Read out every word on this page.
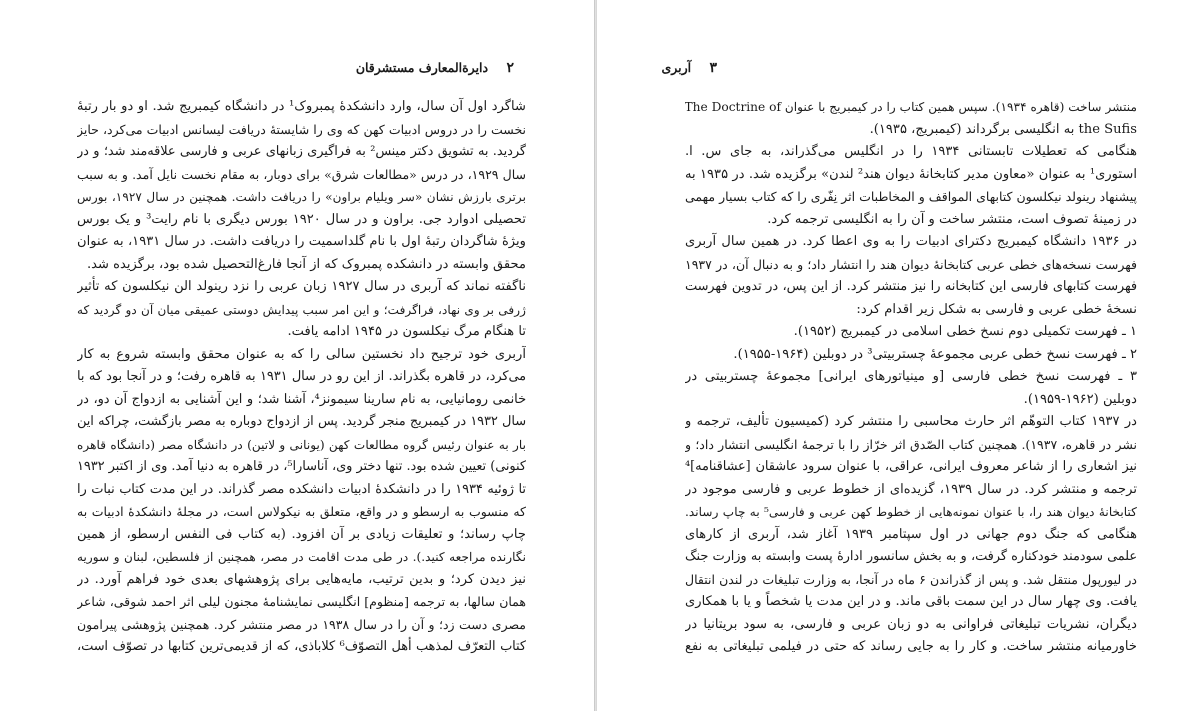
۲ دایرةالمعارف مستشرقان
شاگرد اول آن سال، وارد دانشکدهٔ پمبروک¹ در دانشگاه کیمبریج شد. او دو بار رتبهٔ
نخست را در دروس ادبیات کهن که وی را شایستهٔ دریافت لیسانس ادبیات می‌کرد، حایز
گردید. به تشویق دکتر مینس² به فراگیری زبانهای عربی و فارسی علاقه‌مند شد؛ و در
سال ۱۹۲۹، در درس «مطالعات شرق» برای دوبار، به مقام نخست نایل آمد. و به سبب
برتری بارزش نشان «سر ویلیام براون» را دریافت داشت. همچنین در سال ۱۹۲۷، بورس
تحصیلی ادوارد جی. براون و در سال ۱۹۲۰ بورس دیگری با نام رایت³ و یک بورس
ویژهٔ شاگردان رتبهٔ اول با نام گلداسمیت را دریافت داشت. در سال ۱۹۳۱، به عنوان
محقق وابسته در دانشکده پمبروک که از آنجا فارغ‌التحصیل شده بود، برگزیده شد.
ناگفته نماند که آربری در سال ۱۹۲۷ زبان عربی را نزد رینولد الن نیکلسون که تأثیر
ژرفی بر وی نهاد، فراگرفت؛ و این امر سبب پیدایش دوستی عمیقی میان آن دو گردید که
تا هنگام مرگ نیکلسون در ۱۹۴۵ ادامه یافت.
آربری خود ترجیح داد نخستین سالی را که به عنوان محقق وابسته شروع به کار
می‌کرد، در قاهره بگذراند. از این رو در سال ۱۹۳۱ به قاهره رفت؛ و در آنجا بود که با
خانمی رومانیایی، به نام سارینا سیمونز⁴، آشنا شد؛ و این آشنایی به ازدواج آن دو، در
سال ۱۹۳۲ در کیمبریج منجر گردید. پس از ازدواج دوباره به مصر بازگشت، چراکه این
بار به عنوان رئیس گروه مطالعات کهن (یونانی و لاتین) در دانشگاه مصر (دانشگاه قاهره
کنونی) تعیین شده بود. تنها دختر وی، آناسارا⁵، در قاهره به دنیا آمد. وی از اکتبر ۱۹۳۲
تا ژوئیه ۱۹۳۴ را در دانشکدهٔ ادبیات دانشکده مصر گذراند. در این مدت کتاب نبات را
که منسوب به ارسطو و در واقع، متعلق به نیکولاس است، در مجلهٔ دانشکدهٔ ادبیات به
چاپ رساند؛ و تعلیقات زیادی بر آن افزود. (به کتاب فی النفس ارسطو، از همین
نگارنده مراجعه کنید.). در طی مدت اقامت در مصر، همچنین از فلسطین، لبنان و سوریه
نیز دیدن کرد؛ و بدین ترتیب، مایه‌هایی برای پژوهشهای بعدی خود فراهم آورد. در
همان سالها، به ترجمه [منظوم] انگلیسی نمایشنامهٔ مجنون لیلی اثر احمد شوقی، شاعر
مصری دست زد؛ و آن را در سال ۱۹۳۸ در مصر منتشر کرد. همچنین پژوهشی پیرامون
کتاب التعرّف لمذهب أهل التصوّف⁶ کلاباذی، که از قدیمی‌ترین کتابها در تصوّف است،
۳ آربری
منتشر ساخت (قاهره ۱۹۳۴). سپس همین کتاب را در کیمبریج با عنوان The Doctrine of
the Sufis به انگلیسی برگرداند (کیمبریج، ۱۹۳۵).
هنگامی که تعطیلات تابستانی ۱۹۳۴ را در انگلیس می‌گذراند، به جای س. ا.
استوری¹ به عنوان «معاون مدیر کتابخانهٔ دیوان هند² لندن» برگزیده شد. در ۱۹۳۵ به
پیشنهاد رینولد نیکلسون کتابهای المواقف و المخاطبات اثر نِفّری را که کتاب بسیار مهمی
در زمینهٔ تصوف است، منتشر ساخت و آن را به انگلیسی ترجمه کرد.
در ۱۹۳۶ دانشگاه کیمبریج دکترای ادبیات را به وی اعطا کرد. در همین سال آربری
فهرست نسخه‌های خطی عربی کتابخانهٔ دیوان هند را انتشار داد؛ و به دنبال آن، در ۱۹۳۷
فهرست کتابهای فارسی این کتابخانه را نیز منتشر کرد. از این پس، در تدوین فهرست
نسخهٔ خطی عربی و فارسی به شکل زیر اقدام کرد:
۱ ـ فهرست تکمیلی دوم نسخ خطی اسلامی در کیمبریج (۱۹۵۲).
۲ ـ فهرست نسخ خطی عربی مجموعهٔ چستربیتی³ در دوبلین (۱۹۶۴-۱۹۵۵).
۳ ـ فهرست نسخ خطی فارسی [و مینیاتورهای ایرانی] مجموعهٔ چستربیتی در
دوبلین (۱۹۶۲-۱۹۵۹).
در ۱۹۳۷ کتاب التوهّم اثر حارث محاسبی را منتشر کرد (کمیسیون تألیف، ترجمه و
نشر در قاهره، ۱۹۳۷). همچنین کتاب الصّدق اثر خرّاز را با ترجمهٔ انگلیسی انتشار داد؛ و
نیز اشعاری را از شاعر معروف ایرانی، عراقی، با عنوان سرود عاشقان [عشاقنامه]⁴
ترجمه و منتشر کرد. در سال ۱۹۳۹، گزیده‌ای از خطوط عربی و فارسی موجود در
کتابخانهٔ دیوان هند را، با عنوان نمونه‌هایی از خطوط کهن عربی و فارسی⁵ به چاپ رساند.
هنگامی که جنگ دوم جهانی در اول سپتامبر ۱۹۳۹ آغاز شد، آربری از کارهای
علمی سودمند خودکناره گرفت، و به بخش سانسور ادارهٔ پست وابسته به وزارت جنگ
در لیورپول منتقل شد. و پس از گذراندن ۶ ماه در آنجا، به وزارت تبلیغات در لندن انتقال
یافت. وی چهار سال در این سمت باقی ماند. و در این مدت یا شخصاً و یا با همکاری
دیگران، نشریات تبلیغاتی فراوانی به دو زبان عربی و فارسی، به سود بریتانیا در
خاورمیانه منتشر ساخت. و کار را به جایی رساند که حتی در فیلمی تبلیغاتی به نفع
